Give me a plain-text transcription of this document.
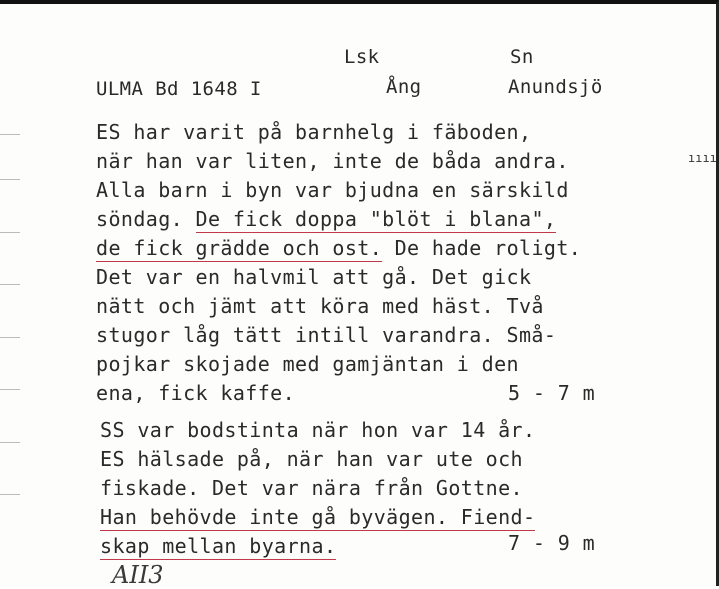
ıııı
Lsk	Sn
ULMA Bd 1648 I	Ång	Anundsjö
ES har varit på barnhelg i fäboden,
när han var liten, inte de båda andra.
Alla barn i byn var bjudna en särskild
söndag. De fick doppa "blöt i blana",
de fick grädde och ost. De hade roligt.
Det var en halvmil att gå. Det gick
nätt och jämt att köra med häst. Två
stugor låg tätt intill varandra. Små-
pojkar skojade med gamjäntan i den
ena, fick kaffe.	5 - 7 m
SS var bodstinta när hon var 14 år.
ES hälsade på, när han var ute och
fiskade. Det var nära från Gottne.
Han behövde inte gå byvägen. Fiend-
skap mellan byarna.	7 - 9 m
AII3
